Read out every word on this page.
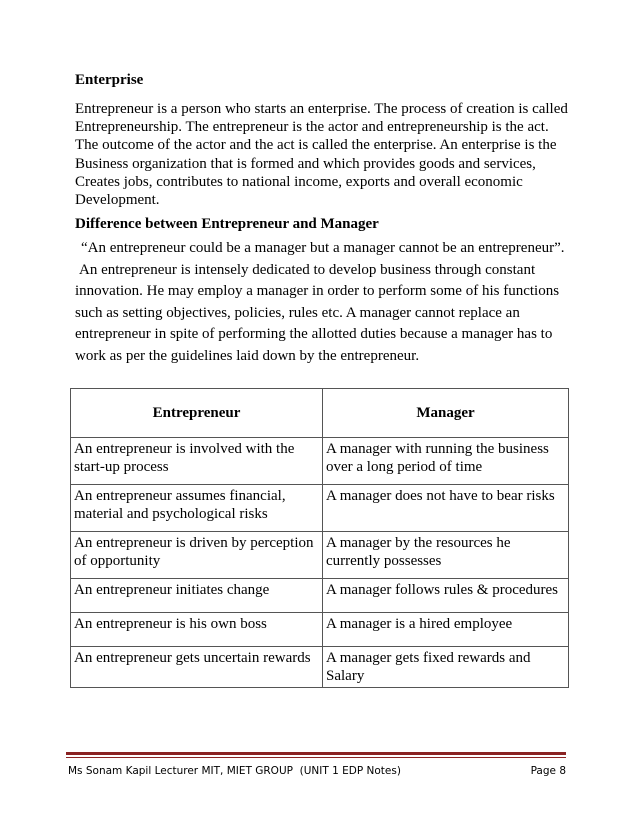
Enterprise

Entrepreneur is a person who starts an enterprise. The process of creation is called
Entrepreneurship. The entrepreneur is the actor and entrepreneurship is the act.
The outcome of the actor and the act is called the enterprise. An enterprise is the
Business organization that is formed and which provides goods and services,
Creates jobs, contributes to national income, exports and overall economic
Development.

Difference between Entrepreneur and Manager

“An entrepreneur could be a manager but a manager cannot be an entrepreneur”.
An entrepreneur is intensely dedicated to develop business through constant
innovation. He may employ a manager in order to perform some of his functions
such as setting objectives, policies, rules etc. A manager cannot replace an
entrepreneur in spite of performing the allotted duties because a manager has to
work as per the guidelines laid down by the entrepreneur.

Entrepreneur	Manager
An entrepreneur is involved with the start-up process	A manager with running the business over a long period of time
An entrepreneur assumes financial, material and psychological risks	A manager does not have to bear risks
An entrepreneur is driven by perception of opportunity	A manager by the resources he currently possesses
An entrepreneur initiates change	A manager follows rules & procedures
An entrepreneur is his own boss	A manager is a hired employee
An entrepreneur gets uncertain rewards	A manager gets fixed rewards and Salary
Ms Sonam Kapil Lecturer MIT, MIET GROUP  (UNIT 1 EDP Notes)	Page 8
